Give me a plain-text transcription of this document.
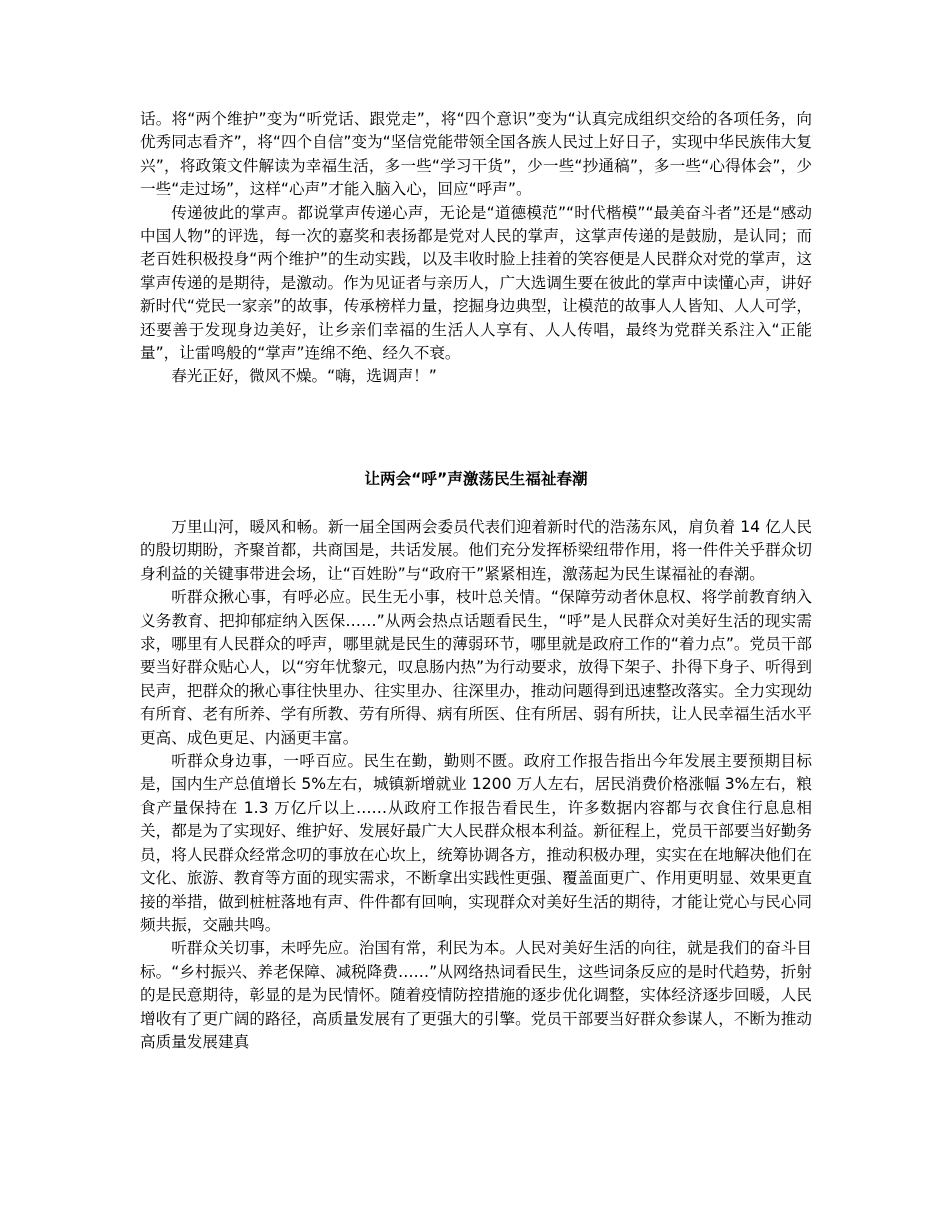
话。将“两个维护”变为“听党话、跟党走”，将“四个意识”变为“认真完成组织交给的各项任务，向优秀同志看齐”，将“四个自信”变为“坚信党能带领全国各族人民过上好日子，实现中华民族伟大复兴”，将政策文件解读为幸福生活，多一些“学习干货”，少一些“抄通稿”，多一些“心得体会”，少一些“走过场”，这样“心声”才能入脑入心，回应“呼声”。

传递彼此的掌声。都说掌声传递心声，无论是“道德模范”“时代楷模”“最美奋斗者”还是“感动中国人物”的评选，每一次的嘉奖和表扬都是党对人民的掌声，这掌声传递的是鼓励，是认同；而老百姓积极投身“两个维护”的生动实践，以及丰收时脸上挂着的笑容便是人民群众对党的掌声，这掌声传递的是期待，是激动。作为见证者与亲历人，广大选调生要在彼此的掌声中读懂心声，讲好新时代“党民一家亲”的故事，传承榜样力量，挖掘身边典型，让模范的故事人人皆知、人人可学，还要善于发现身边美好，让乡亲们幸福的生活人人享有、人人传唱，最终为党群关系注入“正能量”，让雷鸣般的“掌声”连绵不绝、经久不衰。

春光正好，微风不燥。“嗨，选调声！”

让两会“呼”声激荡民生福祉春潮

万里山河，暖风和畅。新一届全国两会委员代表们迎着新时代的浩荡东风，肩负着 14 亿人民的殷切期盼，齐聚首都，共商国是，共话发展。他们充分发挥桥梁纽带作用，将一件件关乎群众切身利益的关键事带进会场，让“百姓盼”与“政府干”紧紧相连，激荡起为民生谋福祉的春潮。

听群众揪心事，有呼必应。民生无小事，枝叶总关情。“保障劳动者休息权、将学前教育纳入义务教育、把抑郁症纳入医保……”从两会热点话题看民生，“呼”是人民群众对美好生活的现实需求，哪里有人民群众的呼声，哪里就是民生的薄弱环节，哪里就是政府工作的“着力点”。党员干部要当好群众贴心人，以“穷年忧黎元，叹息肠内热”为行动要求，放得下架子、扑得下身子、听得到民声，把群众的揪心事往快里办、往实里办、往深里办，推动问题得到迅速整改落实。全力实现幼有所育、老有所养、学有所教、劳有所得、病有所医、住有所居、弱有所扶，让人民幸福生活水平更高、成色更足、内涵更丰富。

听群众身边事，一呼百应。民生在勤，勤则不匮。政府工作报告指出今年发展主要预期目标是，国内生产总值增长 5%左右，城镇新增就业 1200 万人左右，居民消费价格涨幅 3%左右，粮食产量保持在 1.3 万亿斤以上……从政府工作报告看民生，许多数据内容都与衣食住行息息相关，都是为了实现好、维护好、发展好最广大人民群众根本利益。新征程上，党员干部要当好勤务员，将人民群众经常念叨的事放在心坎上，统筹协调各方，推动积极办理，实实在在地解决他们在文化、旅游、教育等方面的现实需求，不断拿出实践性更强、覆盖面更广、作用更明显、效果更直接的举措，做到桩桩落地有声、件件都有回响，实现群众对美好生活的期待，才能让党心与民心同频共振，交融共鸣。

听群众关切事，未呼先应。治国有常，利民为本。人民对美好生活的向往，就是我们的奋斗目标。“乡村振兴、养老保障、减税降费……”从网络热词看民生，这些词条反应的是时代趋势，折射的是民意期待，彰显的是为民情怀。随着疫情防控措施的逐步优化调整，实体经济逐步回暖，人民增收有了更广阔的路径，高质量发展有了更强大的引擎。党员干部要当好群众参谋人，不断为推动高质量发展建真
